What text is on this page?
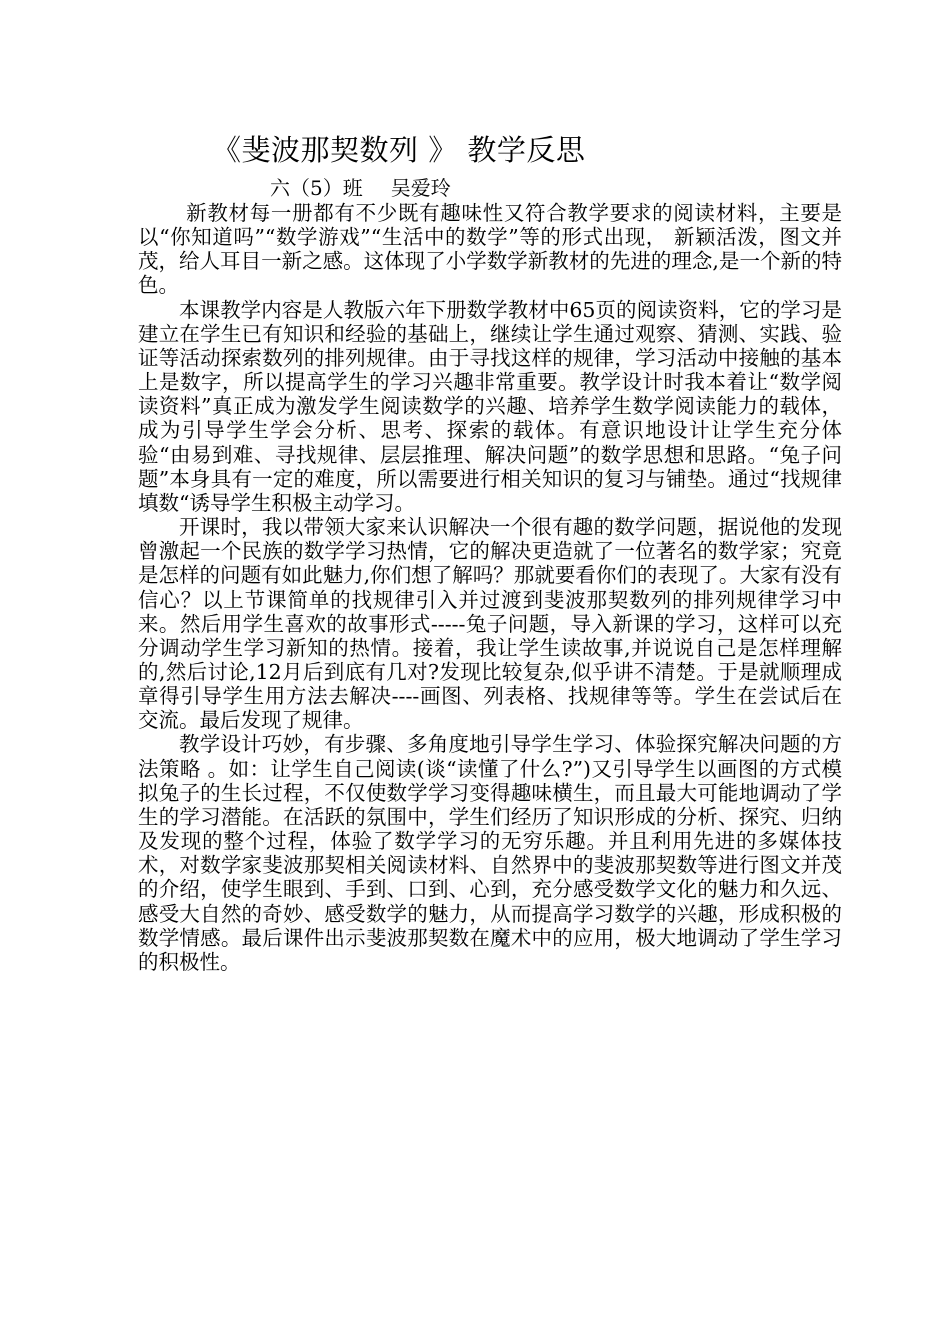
《斐波那契数列 》 教学反思
六（5）班 吴爱玲

新教材每一册都有不少既有趣味性又符合教学要求的阅读材料，主要是以“你知道吗”“数学游戏”“生活中的数学”等的形式出现， 新颖活泼，图文并茂，给人耳目一新之感。这体现了小学数学新教材的先进的理念,是一个新的特色。

本课教学内容是人教版六年下册数学教材中65页的阅读资料，它的学习是建立在学生已有知识和经验的基础上，继续让学生通过观察、猜测、实践、验证等活动探索数列的排列规律。由于寻找这样的规律，学习活动中接触的基本上是数字，所以提高学生的学习兴趣非常重要。教学设计时我本着让“数学阅读资料”真正成为激发学生阅读数学的兴趣、培养学生数学阅读能力的载体，成为引导学生学会分析、思考、探索的载体。有意识地设计让学生充分体验“由易到难、寻找规律、层层推理、解决问题”的数学思想和思路。“兔子问题”本身具有一定的难度，所以需要进行相关知识的复习与铺垫。通过“找规律填数“诱导学生积极主动学习。

开课时，我以带领大家来认识解决一个很有趣的数学问题，据说他的发现曾激起一个民族的数学学习热情，它的解决更造就了一位著名的数学家；究竟是怎样的问题有如此魅力,你们想了解吗？那就要看你们的表现了。大家有没有信心？以上节课简单的找规律引入并过渡到斐波那契数列的排列规律学习中来。然后用学生喜欢的故事形式-----兔子问题，导入新课的学习，这样可以充分调动学生学习新知的热情。接着，我让学生读故事,并说说自己是怎样理解的,然后讨论,12月后到底有几对?发现比较复杂,似乎讲不清楚。于是就顺理成章得引导学生用方法去解决----画图、列表格、找规律等等。学生在尝试后在交流。最后发现了规律。

教学设计巧妙，有步骤、多角度地引导学生学习、体验探究解决问题的方法策略 。如：让学生自己阅读(谈“读懂了什么?”)又引导学生以画图的方式模拟兔子的生长过程，不仅使数学学习变得趣味横生，而且最大可能地调动了学生的学习潜能。在活跃的氛围中，学生们经历了知识形成的分析、探究、归纳及发现的整个过程，体验了数学学习的无穷乐趣。并且利用先进的多媒体技术，对数学家斐波那契相关阅读材料、自然界中的斐波那契数等进行图文并茂的介绍，使学生眼到、手到、口到、心到，充分感受数学文化的魅力和久远、感受大自然的奇妙、感受数学的魅力，从而提高学习数学的兴趣，形成积极的数学情感。最后课件出示斐波那契数在魔术中的应用，极大地调动了学生学习的积极性。
